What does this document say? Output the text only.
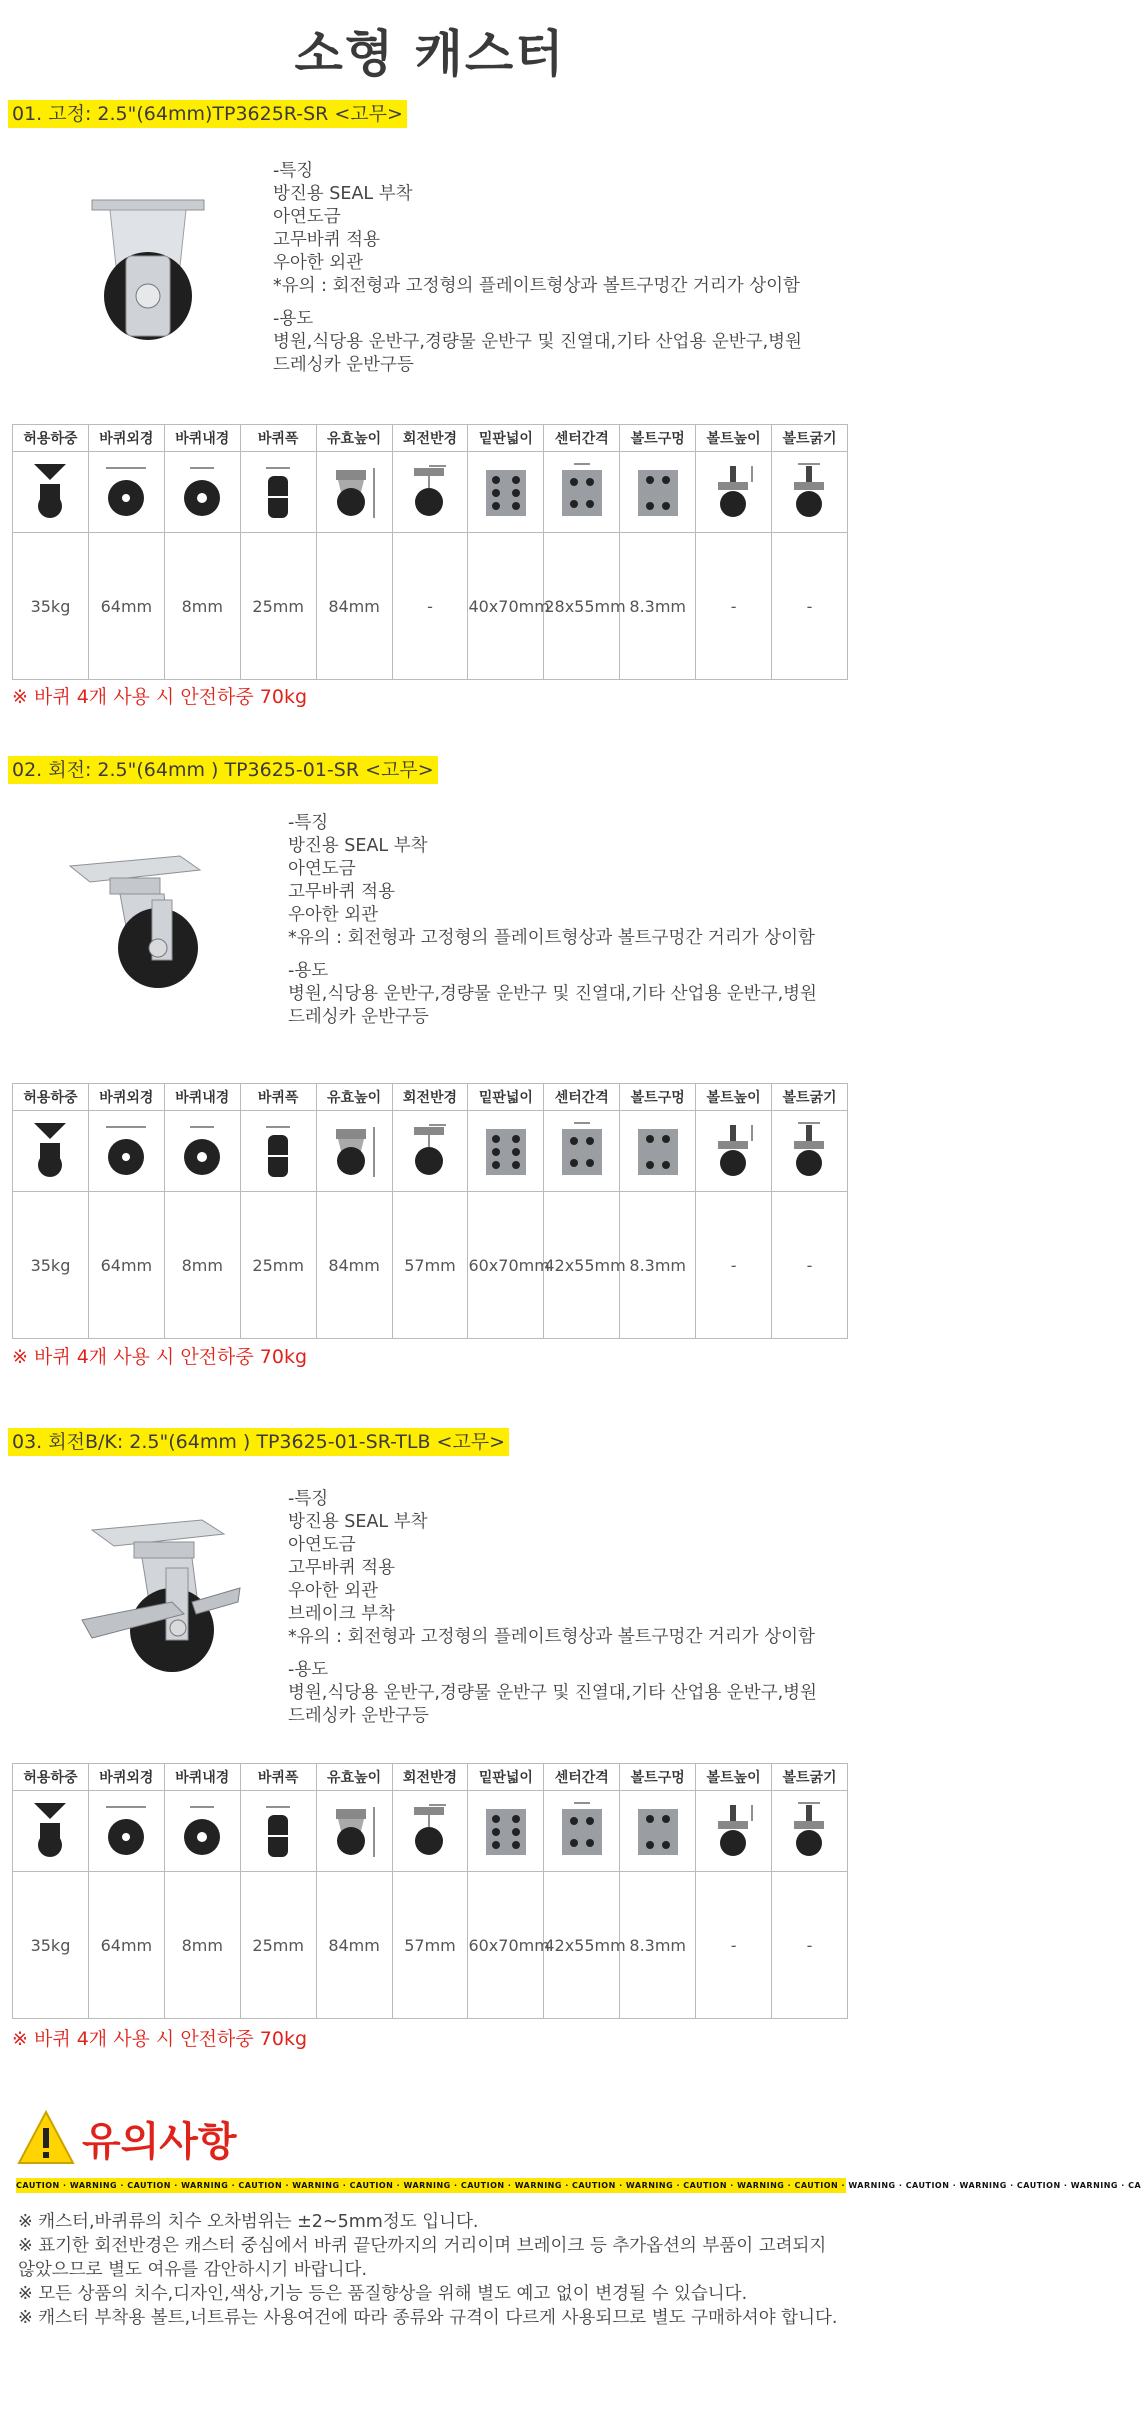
소형 캐스터
01. 고정: 2.5"(64mm)TP3625R-SR <고무>
-특징
방진용 SEAL 부착
아연도금
고무바퀴 적용
우아한 외관
*유의 : 회전형과 고정형의 플레이트형상과 볼트구멍간 거리가 상이함
-용도
병원,식당용 운반구,경량물 운반구 및 진열대,기타 산업용 운반구,병원
드레싱카 운반구등
허용하중	바퀴외경	바퀴내경	바퀴폭	유효높이	회전반경	밑판넓이	센터간격	볼트구멍	볼트높이	볼트굵기

35kg	64mm	8mm	25mm	84mm	-	40x70mm	28x55mm	8.3mm	-	-
※ 바퀴 4개 사용 시 안전하중 70kg
02. 회전: 2.5"(64mm ) TP3625-01-SR <고무>
-특징
방진용 SEAL 부착
아연도금
고무바퀴 적용
우아한 외관
*유의 : 회전형과 고정형의 플레이트형상과 볼트구멍간 거리가 상이함
-용도
병원,식당용 운반구,경량물 운반구 및 진열대,기타 산업용 운반구,병원
드레싱카 운반구등
허용하중	바퀴외경	바퀴내경	바퀴폭	유효높이	회전반경	밑판넓이	센터간격	볼트구멍	볼트높이	볼트굵기

35kg	64mm	8mm	25mm	84mm	57mm	60x70mm	42x55mm	8.3mm	-	-
※ 바퀴 4개 사용 시 안전하중 70kg
03. 회전B/K: 2.5"(64mm ) TP3625-01-SR-TLB <고무>
-특징
방진용 SEAL 부착
아연도금
고무바퀴 적용
우아한 외관
브레이크 부착
*유의 : 회전형과 고정형의 플레이트형상과 볼트구멍간 거리가 상이함
-용도
병원,식당용 운반구,경량물 운반구 및 진열대,기타 산업용 운반구,병원
드레싱카 운반구등
허용하중	바퀴외경	바퀴내경	바퀴폭	유효높이	회전반경	밑판넓이	센터간격	볼트구멍	볼트높이	볼트굵기

35kg	64mm	8mm	25mm	84mm	57mm	60x70mm	42x55mm	8.3mm	-	-
※ 바퀴 4개 사용 시 안전하중 70kg
유의사항
CAUTION · WARNING · CAUTION · WARNING · CAUTION · WARNING · CAUTION · WARNING · CAUTION · WARNING · CAUTION · WARNING · CAUTION · WARNING · CAUTION · WARNING · CAUTION · WARNING · CAUTION · WARNING · CA
※ 캐스터,바퀴류의 치수 오차범위는 ±2~5mm정도 입니다.
※ 표기한 회전반경은 캐스터 중심에서 바퀴 끝단까지의 거리이며 브레이크 등 추가옵션의 부품이 고려되지 않았으므로 별도 여유를 감안하시기 바랍니다.
※ 모든 상품의 치수,디자인,색상,기능 등은 품질향상을 위해 별도 예고 없이 변경될 수 있습니다.
※ 캐스터 부착용 볼트,너트류는 사용여건에 따라 종류와 규격이 다르게 사용되므로 별도 구매하셔야 합니다.
